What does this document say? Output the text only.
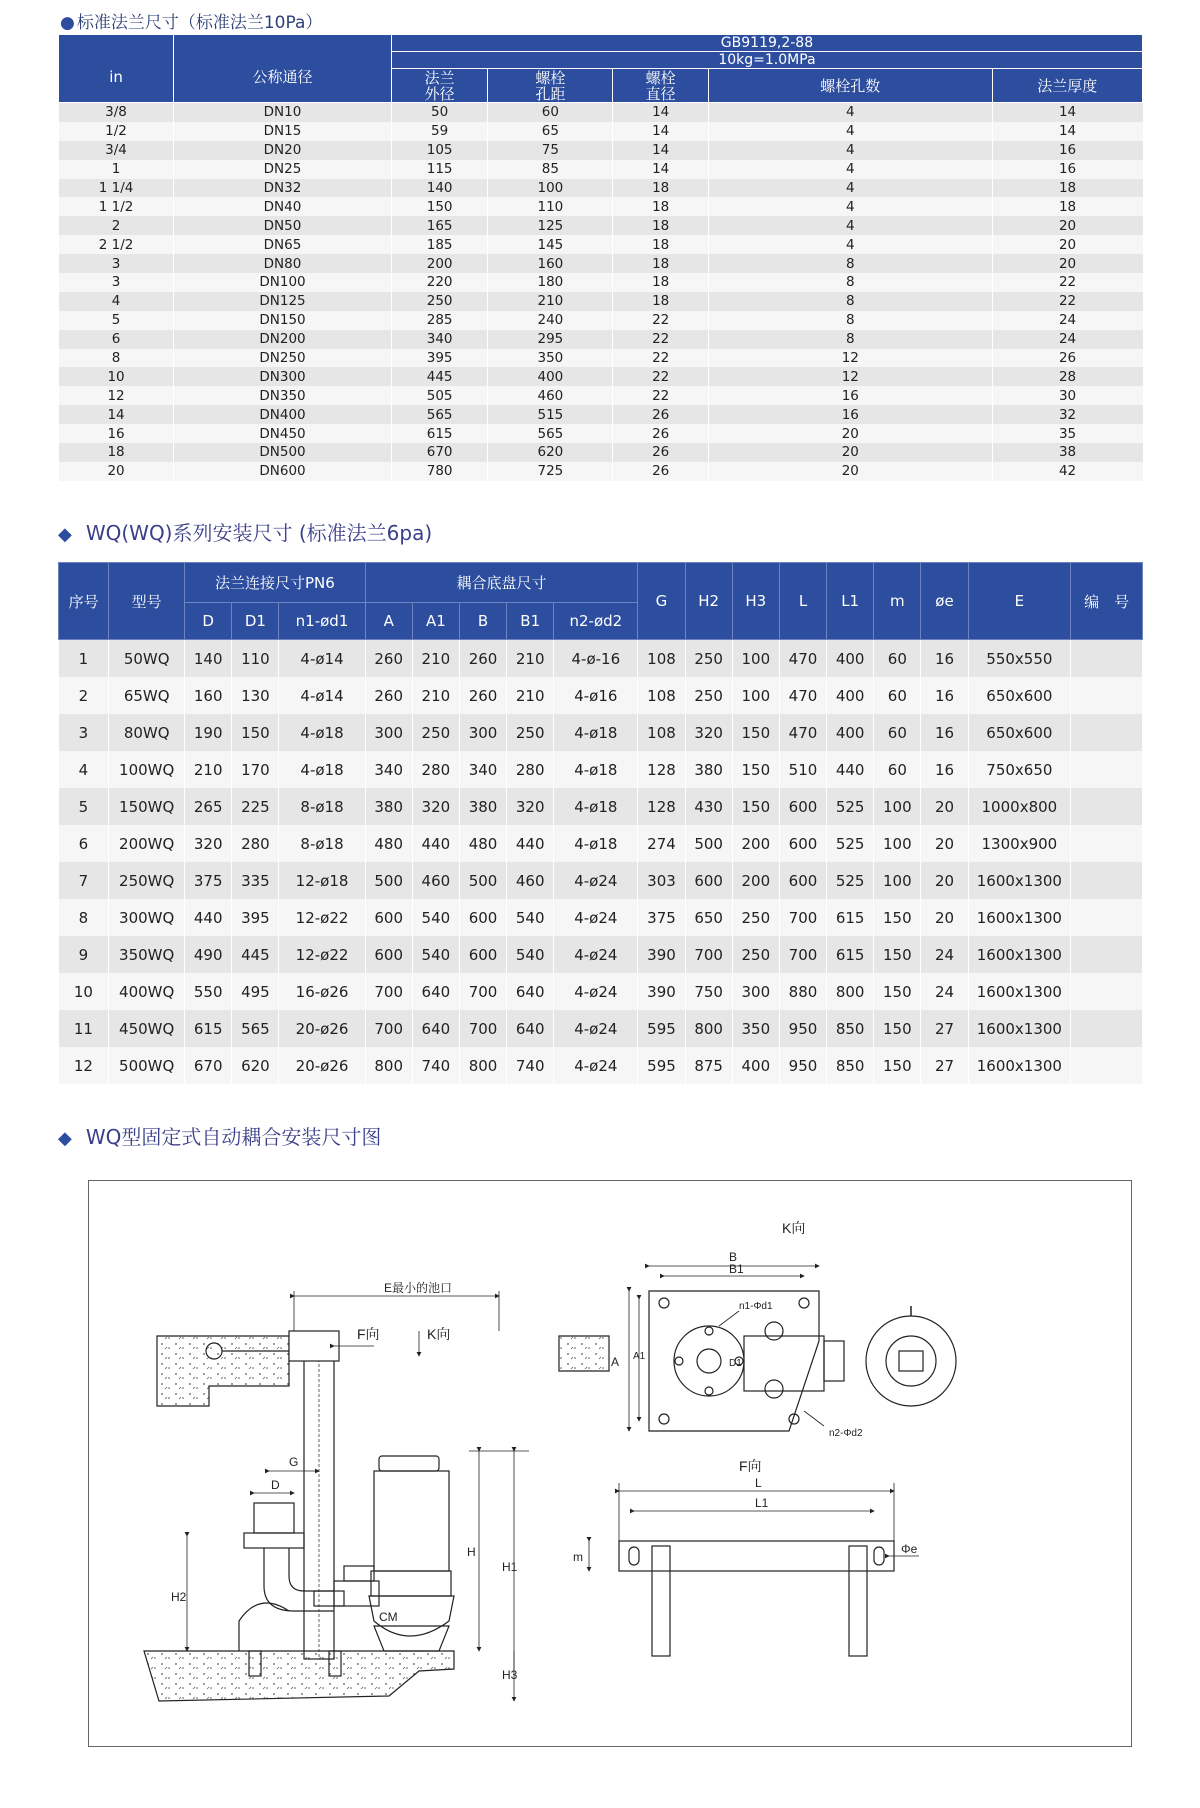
● 标准法兰尺寸（标准法兰10Pa）
		GB9119,2-88				
in	公称通径	10kg=1.0MPa				

		法兰外径	螺栓孔距	螺栓直径	螺栓孔数	法兰厚度
3/8	DN10	50	60	14	4	14
1/2	DN15	59	65	14	4	14
3/4	DN20	105	75	14	4	16
1	DN25	115	85	14	4	16
1 1/4	DN32	140	100	18	4	18
1 1/2	DN40	150	110	18	4	18
2	DN50	165	125	18	4	20
2 1/2	DN65	185	145	18	4	20
3	DN80	200	160	18	8	20
3	DN100	220	180	18	8	22
4	DN125	250	210	18	8	22
5	DN150	285	240	22	8	24
6	DN200	340	295	22	8	24
8	DN250	395	350	22	12	26
10	DN300	445	400	22	12	28
12	DN350	505	460	22	16	30
14	DN400	565	515	26	16	32
16	DN450	615	565	26	20	35
18	DN500	670	620	26	20	38
20	DN600	780	725	26	20	42
◆ WQ(WQ)系列安装尺寸 (标准法兰6pa)
序号	型号	法兰连接尺寸PN6			耦合底盘尺寸					G	H2	H3	L	L1	m	øe	E	编　号
		D	D1	n1-ød1	A	A1	B	B1	n2-ød2									
1	50WQ	140	110	4-ø14	260	210	260	210	4-ø-16	108	250	100	470	400	60	16	550x550	
2	65WQ	160	130	4-ø14	260	210	260	210	4-ø16	108	250	100	470	400	60	16	650x600	
3	80WQ	190	150	4-ø18	300	250	300	250	4-ø18	108	320	150	470	400	60	16	650x600	
4	100WQ	210	170	4-ø18	340	280	340	280	4-ø18	128	380	150	510	440	60	16	750x650	
5	150WQ	265	225	8-ø18	380	320	380	320	4-ø18	128	430	150	600	525	100	20	1000x800	
6	200WQ	320	280	8-ø18	480	440	480	440	4-ø18	274	500	200	600	525	100	20	1300x900	
7	250WQ	375	335	12-ø18	500	460	500	460	4-ø24	303	600	200	600	525	100	20	1600x1300	
8	300WQ	440	395	12-ø22	600	540	600	540	4-ø24	375	650	250	700	615	150	20	1600x1300	
9	350WQ	490	445	12-ø22	600	540	600	540	4-ø24	390	700	250	700	615	150	24	1600x1300	
10	400WQ	550	495	16-ø26	700	640	700	640	4-ø24	390	750	300	880	800	150	24	1600x1300	
11	450WQ	615	565	20-ø26	700	640	700	640	4-ø24	595	800	350	950	850	150	27	1600x1300	
12	500WQ	670	620	20-ø26	800	740	800	740	4-ø24	595	875	400	950	850	150	27	1600x1300	
◆ WQ型固定式自动耦合安装尺寸图
E最小的池口
F向	K向
G
D
H2
H
H1
H3
CM
K向
B
B1
A A1
D1
n1-Φd1
n2-Φd2
F向
L
L1
m
Φe
